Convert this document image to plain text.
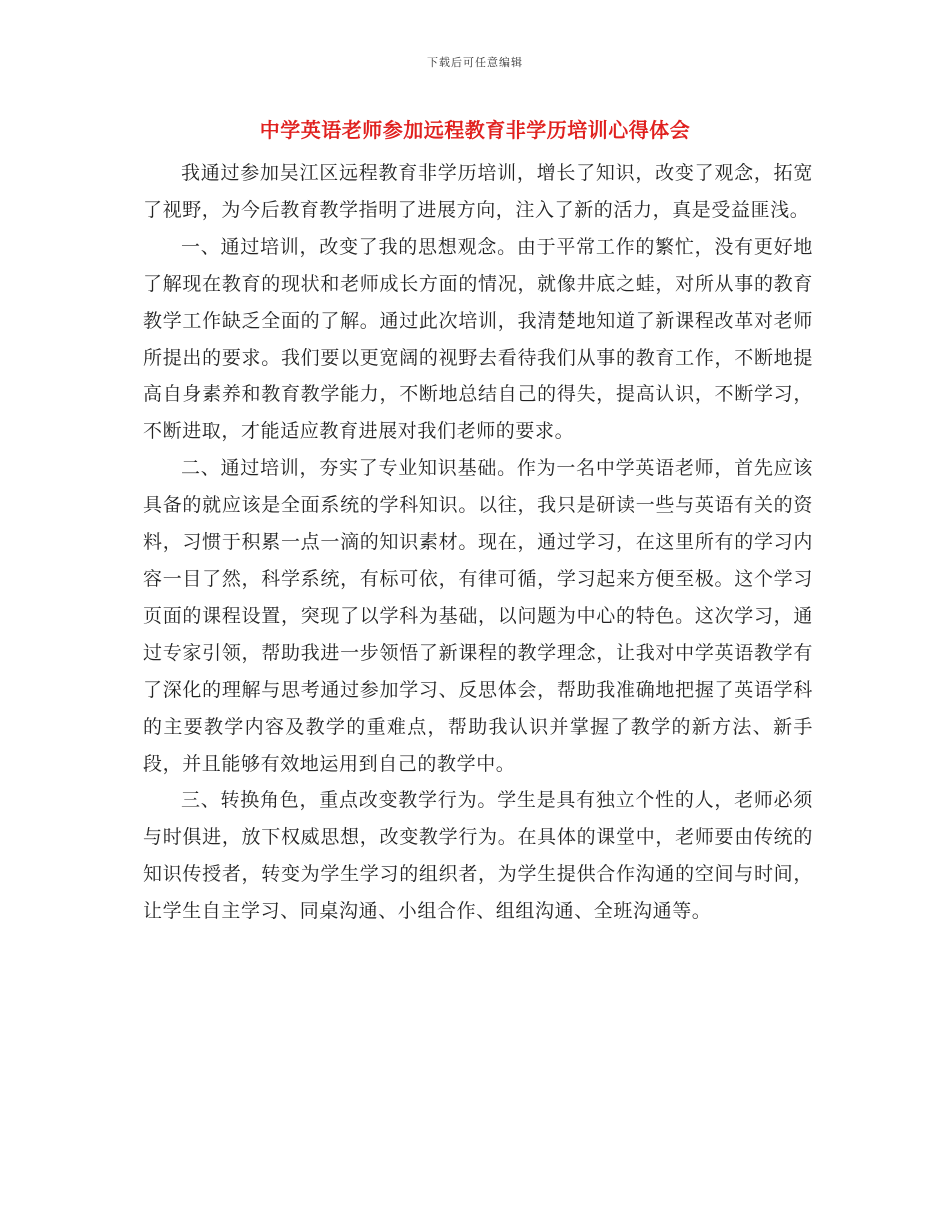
下载后可任意编辑
中学英语老师参加远程教育非学历培训心得体会

我通过参加吴江区远程教育非学历培训，增长了知识，改变了观念，拓宽了视野，为今后教育教学指明了进展方向，注入了新的活力，真是受益匪浅。

一、通过培训，改变了我的思想观念。由于平常工作的繁忙，没有更好地了解现在教育的现状和老师成长方面的情况，就像井底之蛙，对所从事的教育教学工作缺乏全面的了解。通过此次培训，我清楚地知道了新课程改革对老师所提出的要求。我们要以更宽阔的视野去看待我们从事的教育工作，不断地提高自身素养和教育教学能力，不断地总结自己的得失，提高认识，不断学习，不断进取，才能适应教育进展对我们老师的要求。

二、通过培训，夯实了专业知识基础。作为一名中学英语老师，首先应该具备的就应该是全面系统的学科知识。以往，我只是研读一些与英语有关的资料，习惯于积累一点一滴的知识素材。现在，通过学习，在这里所有的学习内容一目了然，科学系统，有标可依，有律可循，学习起来方便至极。这个学习页面的课程设置，突现了以学科为基础，以问题为中心的特色。这次学习，通过专家引领，帮助我进一步领悟了新课程的教学理念，让我对中学英语教学有了深化的理解与思考通过参加学习、反思体会，帮助我准确地把握了英语学科的主要教学内容及教学的重难点，帮助我认识并掌握了教学的新方法、新手段，并且能够有效地运用到自己的教学中。

三、转换角色，重点改变教学行为。学生是具有独立个性的人，老师必须与时俱进，放下权威思想，改变教学行为。在具体的课堂中，老师要由传统的知识传授者，转变为学生学习的组织者，为学生提供合作沟通的空间与时间，让学生自主学习、同桌沟通、小组合作、组组沟通、全班沟通等。
